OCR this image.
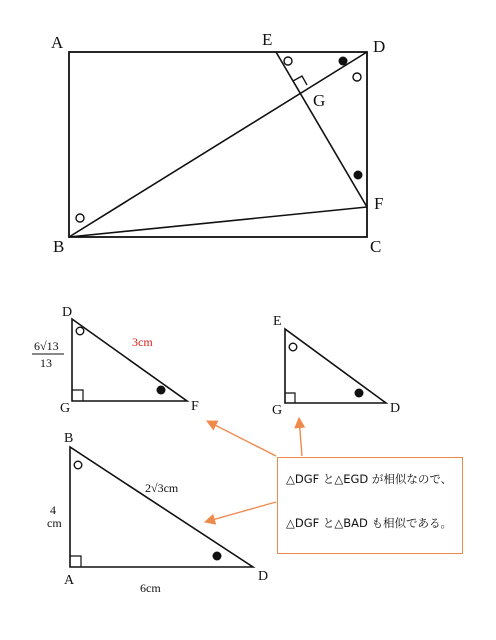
A	E	D
G
F
B	C
D
G	F
3cm
6√13
13
E
G	D
B
A	D
2√3cm
4
cm
6cm
△DGF と△EGD が相似なので、
△DGF と△BAD も相似である。
